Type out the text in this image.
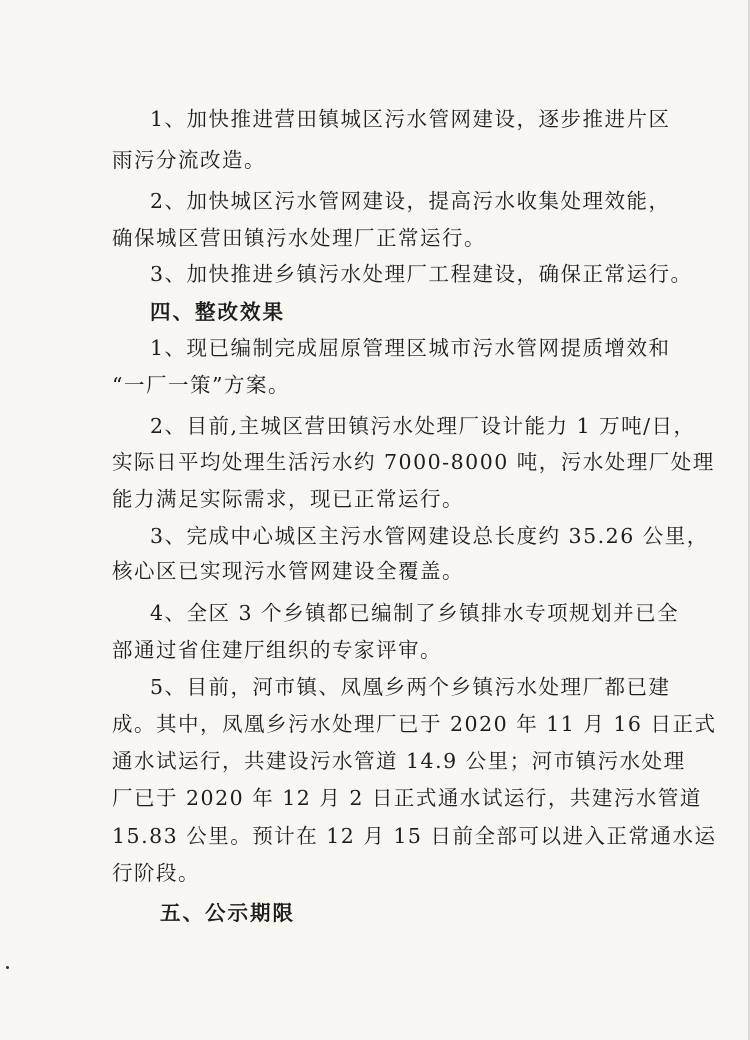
1、加快推进营田镇城区污水管网建设，逐步推进片区
雨污分流改造。
2、加快城区污水管网建设，提高污水收集处理效能，
确保城区营田镇污水处理厂正常运行。
3、加快推进乡镇污水处理厂工程建设，确保正常运行。
四、整改效果
1、现已编制完成屈原管理区城市污水管网提质增效和
“一厂一策”方案。
2、目前,主城区营田镇污水处理厂设计能力 1 万吨/日，
实际日平均处理生活污水约 7000-8000 吨，污水处理厂处理
能力满足实际需求，现已正常运行。
3、完成中心城区主污水管网建设总长度约 35.26 公里，
核心区已实现污水管网建设全覆盖。
4、全区 3 个乡镇都已编制了乡镇排水专项规划并已全
部通过省住建厅组织的专家评审。
5、目前，河市镇、凤凰乡两个乡镇污水处理厂都已建
成。其中，凤凰乡污水处理厂已于 2020 年 11 月 16 日正式
通水试运行，共建设污水管道 14.9 公里；河市镇污水处理
厂已于 2020 年 12 月 2 日正式通水试运行，共建污水管道
15.83 公里。预计在 12 月 15 日前全部可以进入正常通水运
行阶段。
五、公示期限
